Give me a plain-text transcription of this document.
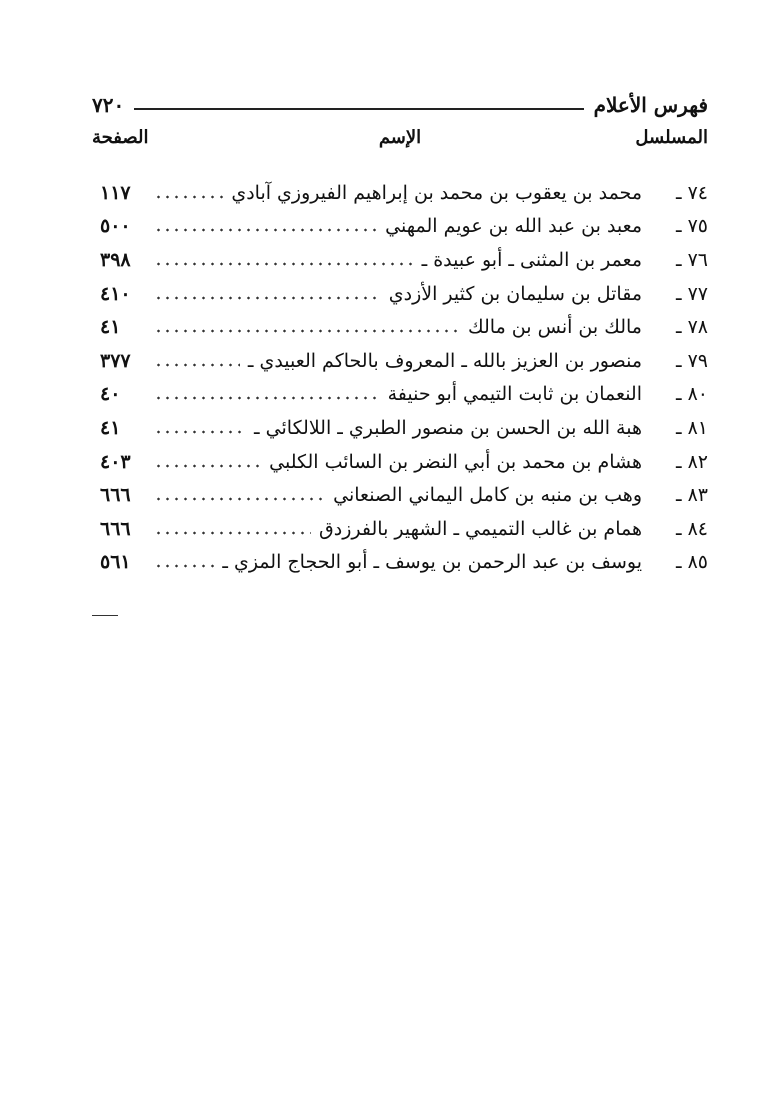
٧٢٠	فهرس الأعلام
المسلسل
الإسم
الصفحة
٧٤ ـ
محمد بن يعقوب بن محمد بن إبراهيم الفيروزي آبادي
١١٧
٧٥ ـ
معبد بن عبد الله بن عويم المهني
٥٠٠
٧٦ ـ
معمر بن المثنى ـ أبو عبيدة ـ
٣٩٨
٧٧ ـ
مقاتل بن سليمان بن كثير الأزدي
٤١٠
٧٨ ـ
مالك بن أنس بن مالك
٤١
٧٩ ـ
منصور بن العزيز بالله ـ المعروف بالحاكم العبيدي ـ
٣٧٧
٨٠ ـ
النعمان بن ثابت التيمي أبو حنيفة
٤٠
٨١ ـ
هبة الله بن الحسن بن منصور الطبري ـ اللالكائي ـ
٤١
٨٢ ـ
هشام بن محمد بن أبي النضر بن السائب الكلبي
٤٠٣
٨٣ ـ
وهب بن منبه بن كامل اليماني الصنعاني
٦٦٦
٨٤ ـ
همام بن غالب التميمي ـ الشهير بالفرزدق
٦٦٦
٨٥ ـ
يوسف بن عبد الرحمن بن يوسف ـ أبو الحجاج المزي ـ
٥٦١
